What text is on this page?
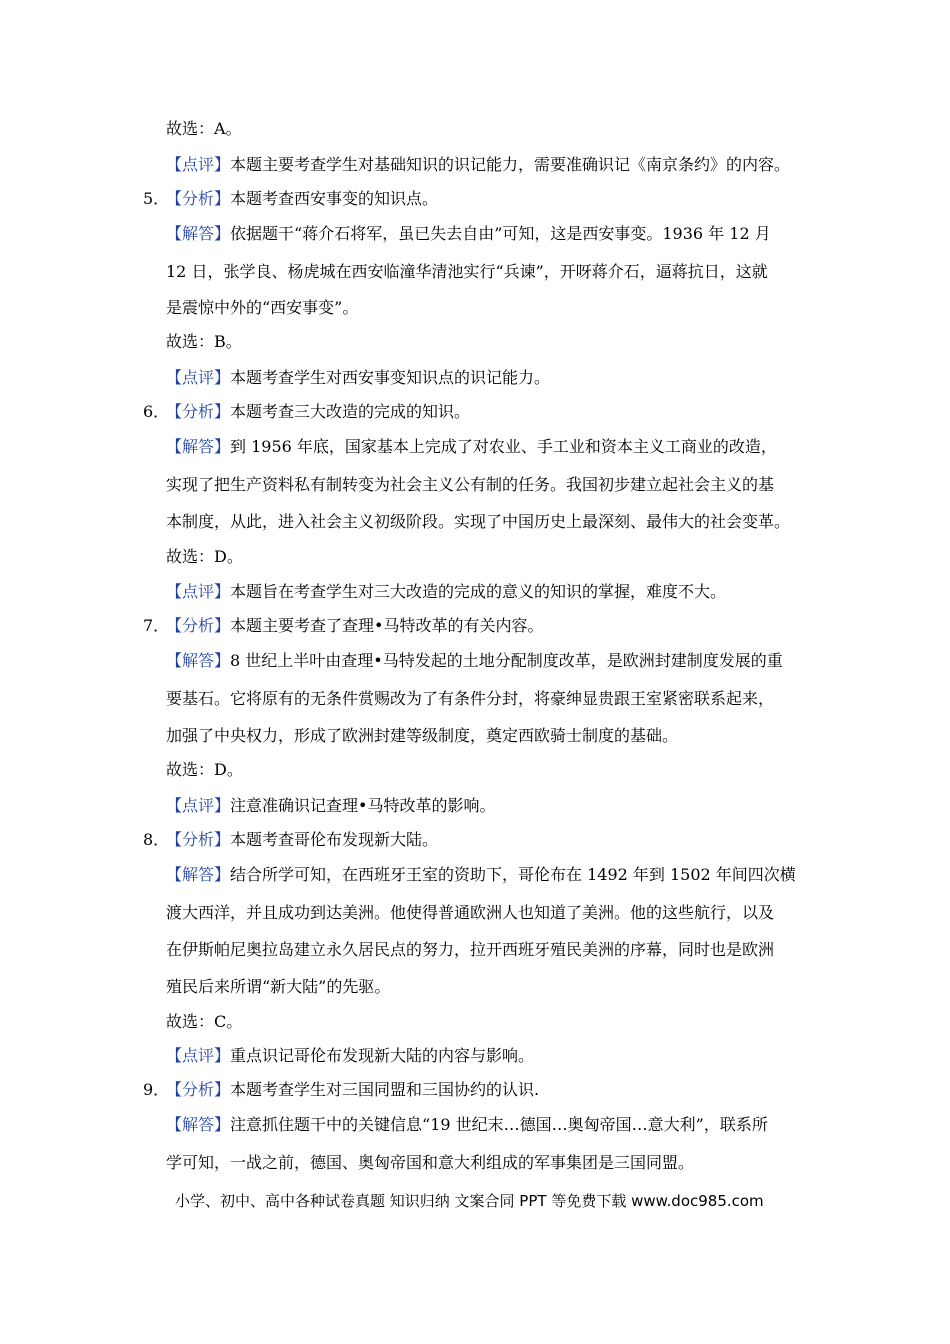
故选：A。
【点评】本题主要考查学生对基础知识的识记能力，需要准确识记《南京条约》的内容。
5．
【分析】本题考查西安事变的知识点。
【解答】依据题干“蒋介石将军，虽已失去自由”可知，这是西安事变。1936 年 12 月
12 日，张学良、杨虎城在西安临潼华清池实行“兵谏”，开呀蒋介石，逼蒋抗日，这就
是震惊中外的“西安事变”。
故选：B。
【点评】本题考查学生对西安事变知识点的识记能力。
6．
【分析】本题考查三大改造的完成的知识。
【解答】到 1956 年底，国家基本上完成了对农业、手工业和资本主义工商业的改造，
实现了把生产资料私有制转变为社会主义公有制的任务。我国初步建立起社会主义的基
本制度，从此，进入社会主义初级阶段。实现了中国历史上最深刻、最伟大的社会变革。
故选：D。
【点评】本题旨在考查学生对三大改造的完成的意义的知识的掌握，难度不大。
7．
【分析】本题主要考查了查理•马特改革的有关内容。
【解答】8 世纪上半叶由查理•马特发起的土地分配制度改革，是欧洲封建制度发展的重
要基石。它将原有的无条件赏赐改为了有条件分封，将豪绅显贵跟王室紧密联系起来，
加强了中央权力，形成了欧洲封建等级制度，奠定西欧骑士制度的基础。
故选：D。
【点评】注意准确识记查理•马特改革的影响。
8．
【分析】本题考查哥伦布发现新大陆。
【解答】结合所学可知，在西班牙王室的资助下，哥伦布在 1492 年到 1502 年间四次横
渡大西洋，并且成功到达美洲。他使得普通欧洲人也知道了美洲。他的这些航行，以及
在伊斯帕尼奥拉岛建立永久居民点的努力，拉开西班牙殖民美洲的序幕，同时也是欧洲
殖民后来所谓“新大陆”的先驱。
故选：C。
【点评】重点识记哥伦布发现新大陆的内容与影响。
9．
【分析】本题考查学生对三国同盟和三国协约的认识.
【解答】注意抓住题干中的关键信息“19 世纪末…德国…奥匈帝国…意大利”，联系所
学可知，一战之前，德国、奥匈帝国和意大利组成的军事集团是三国同盟。
小学、初中、高中各种试卷真题 知识归纳 文案合同 PPT 等免费下载 www.doc985.com
